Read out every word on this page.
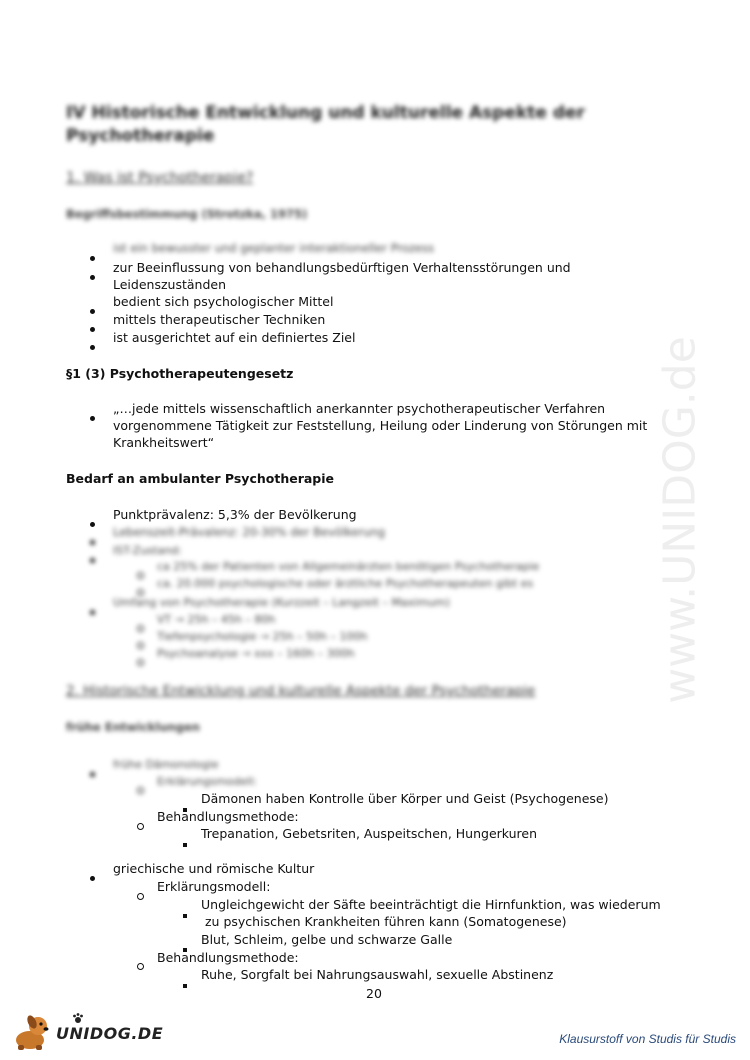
www.UNIDOG.de
IV Historische Entwicklung und kulturelle Aspekte der
Psychotherapie
1. Was ist Psychotherapie?
Begriffsbestimmung (Strotzka, 1975)
ist ein bewusster und geplanter interaktioneller Prozess
zur Beeinflussung von behandlungsbedürftigen Verhaltensstörungen und
Leidenszuständen
bedient sich psychologischer Mittel
mittels therapeutischer Techniken
ist ausgerichtet auf ein definiertes Ziel
§1 (3) Psychotherapeutengesetz
„…jede mittels wissenschaftlich anerkannter psychotherapeutischer Verfahren
vorgenommene Tätigkeit zur Feststellung, Heilung oder Linderung von Störungen mit
Krankheitswert“
Bedarf an ambulanter Psychotherapie
Punktprävalenz: 5,3% der Bevölkerung
Lebenszeit-Prävalenz: 20-30% der Bevölkerung
IST-Zustand:
ca 25% der Patienten von Allgemeinärzten benötigen Psychotherapie
ca. 20.000 psychologische oder ärztliche Psychotherapeuten gibt es
Umfang von Psychotherapie (Kurzzeit – Langzeit – Maximum)
VT → 25h – 45h – 80h
Tiefenpsychologie → 25h – 50h – 100h
Psychoanalyse → xxx – 160h – 300h
2. Historische Entwicklung und kulturelle Aspekte der Psychotherapie
frühe Entwicklungen
frühe Dämonologie
Erklärungsmodell:
Dämonen haben Kontrolle über Körper und Geist (Psychogenese)
Behandlungsmethode:
Trepanation, Gebetsriten, Auspeitschen, Hungerkuren
griechische und römische Kultur
Erklärungsmodell:
Ungleichgewicht der Säfte beeinträchtigt die Hirnfunktion, was wiederum
zu psychischen Krankheiten führen kann (Somatogenese)
Blut, Schleim, gelbe und schwarze Galle
Behandlungsmethode:
Ruhe, Sorgfalt bei Nahrungsauswahl, sexuelle Abstinenz
20
UNIDOG.DE	Klausurstoff von Studis für Studis
